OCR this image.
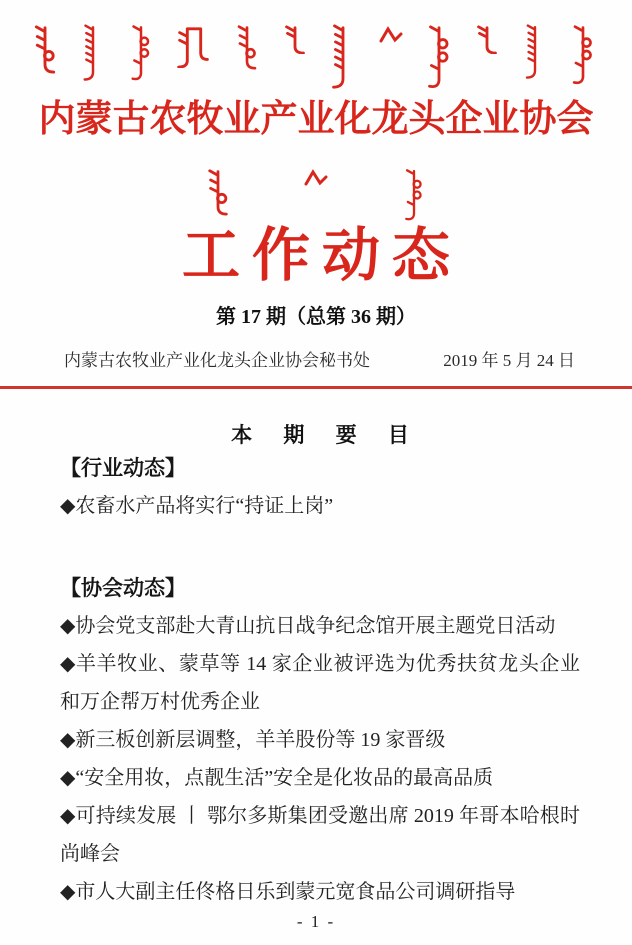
内蒙古农牧业产业化龙头企业协会
工作动态
第 17 期（总第 36 期）
内蒙古农牧业产业化龙头企业协会秘书处	2019 年 5 月 24 日
本 期 要 目
【行业动态】

◆农畜水产品将实行“持证上岗”

【协会动态】

◆协会党支部赴大青山抗日战争纪念馆开展主题党日活动

◆羊羊牧业、蒙草等 14 家企业被评选为优秀扶贫龙头企业和万企帮万村优秀企业

◆新三板创新层调整，羊羊股份等 19 家晋级

◆“安全用妆，点靓生活”安全是化妆品的最高品质

◆可持续发展 丨 鄂尔多斯集团受邀出席 2019 年哥本哈根时尚峰会

◆市人大副主任佟格日乐到蒙元宽食品公司调研指导

- 1 -
